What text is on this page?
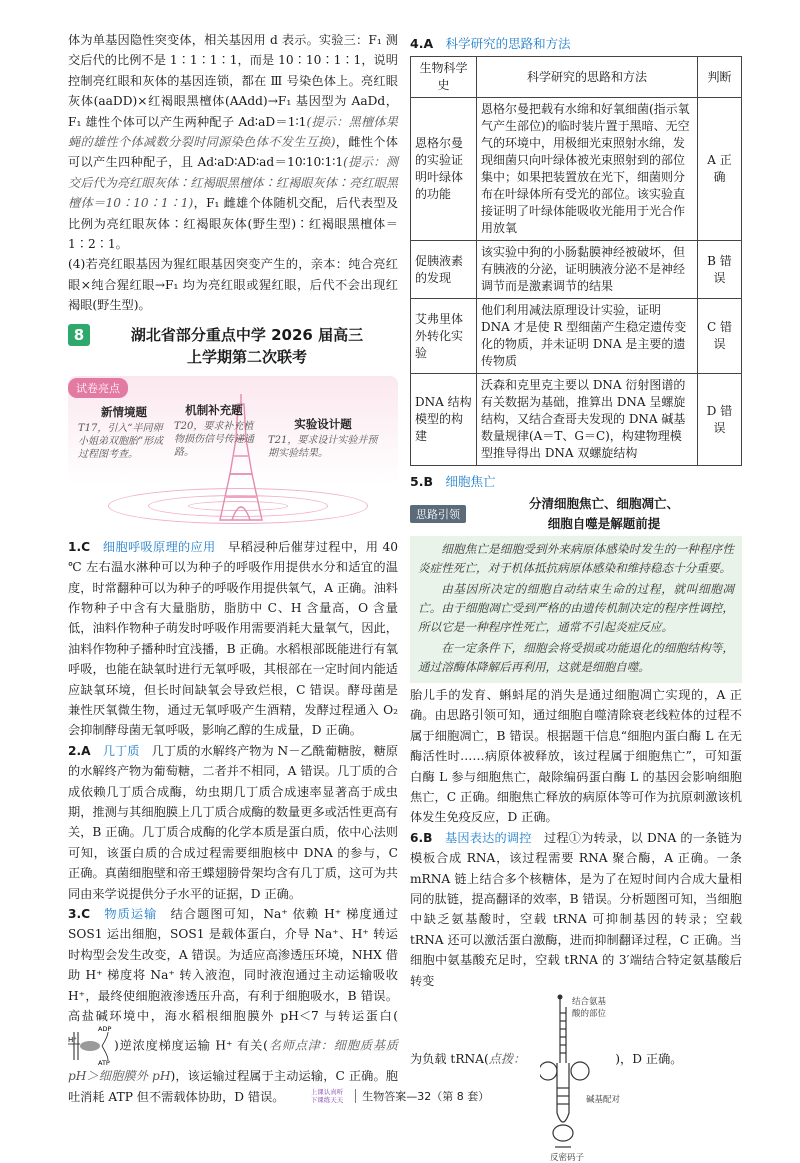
体为单基因隐性突变体，相关基因用 d 表示。实验三：F₁ 测交后代的比例不是 1∶1∶1∶1，而是 10∶10∶1∶1，说明控制亮红眼和灰体的基因连锁，都在 Ⅲ 号染色体上。亮红眼灰体(aaDD)×红褐眼黑檀体(AAdd)→F₁ 基因型为 AaDd，F₁ 雄性个体可以产生两种配子 Ad∶aD＝1∶1(提示：黑檀体果蝇的雄性个体减数分裂时同源染色体不发生互换)，雌性个体可以产生四种配子，且 Ad∶aD∶AD∶ad＝10∶10∶1∶1(提示：测交后代为亮红眼灰体∶红褐眼黑檀体∶红褐眼灰体∶亮红眼黑檀体＝10∶10∶1∶1)，F₁ 雌雄个体随机交配，后代表型及比例为亮红眼灰体∶红褐眼灰体(野生型)∶红褐眼黑檀体＝1∶2∶1。

(4)若亮红眼基因为猩红眼基因突变产生的，亲本：纯合亮红眼×纯合猩红眼→F₁ 均为亮红眼或猩红眼，后代不会出现红褐眼(野生型)。

8	湖北省部分重点中学 2026 届高三
上学期第二次联考
试卷亮点
新情境题
T17，引入“半同卵小姐弟双胞胎”形成过程图考查。
机制补充题
T20，要求补充植物损伤信号传递通路。
实验设计题
T21，要求设计实验并预期实验结果。

1.C　 细胞呼吸原理的应用　 早稻浸种后催芽过程中，用 40 ℃ 左右温水淋种可以为种子的呼吸作用提供水分和适宜的温度，时常翻种可以为种子的呼吸作用提供氧气，A 正确。油料作物种子中含有大量脂肪，脂肪中 C、H 含量高，O 含量低，油料作物种子萌发时呼吸作用需要消耗大量氧气，因此，油料作物种子播种时宜浅播，B 正确。水稻根部既能进行有氧呼吸，也能在缺氧时进行无氧呼吸，其根部在一定时间内能适应缺氧环境，但长时间缺氧会导致烂根，C 错误。酵母菌是兼性厌氧微生物，通过无氧呼吸产生酒精，发酵过程通入 O₂ 会抑制酵母菌无氧呼吸，影响乙醇的生成量，D 正确。

2.A　 几丁质　 几丁质的水解终产物为 N－乙酰葡糖胺，糖原的水解终产物为葡萄糖，二者并不相同，A 错误。几丁质的合成依赖几丁质合成酶，幼虫期几丁质合成速率显著高于成虫期，推测与其细胞膜上几丁质合成酶的数量更多或活性更高有关，B 正确。几丁质合成酶的化学本质是蛋白质，依中心法则可知，该蛋白质的合成过程需要细胞核中 DNA 的参与，C 正确。真菌细胞壁和帝王蝶翅膀骨架均含有几丁质，这可为共同由来学说提供分子水平的证据，D 正确。

3.C　 物质运输　 结合题图可知，Na⁺ 依赖 H⁺ 梯度通过 SOS1 运出细胞，SOS1 是载体蛋白，介导 Na⁺、H⁺ 转运时构型会发生改变，A 错误。为适应高渗透压环境，NHX 借助 H⁺ 梯度将 Na⁺ 转入液泡，同时液泡通过主动运输吸收 H⁺，最终使细胞液渗透压升高，有利于细胞吸水，B 错误。高盐碱环境中，海水稻根细胞膜外 pH＜7 与转运蛋白(
H⁺
ADP
ATP
)逆浓度梯度运输 H⁺ 有关(名师点津：细胞质基质 pH＞细胞膜外 pH)，该运输过程属于主动运输，C 正确。胞吐消耗 ATP 但不需载体协助，D 错误。

4.A　 科学研究的思路和方法
生物科学史	科学研究的思路和方法	判断
恩格尔曼的实验证明叶绿体的功能	恩格尔曼把载有水绵和好氧细菌(指示氧气产生部位)的临时装片置于黑暗、无空气的环境中，用极细光束照射水绵，发现细菌只向叶绿体被光束照射到的部位集中；如果把装置放在光下，细菌则分布在叶绿体所有受光的部位。该实验直接证明了叶绿体能吸收光能用于光合作用放氧	A 正确
促胰液素的发现	该实验中狗的小肠黏膜神经被破坏，但有胰液的分泌，证明胰液分泌不是神经调节而是激素调节的结果	B 错误
艾弗里体外转化实验	他们利用减法原理设计实验，证明 DNA 才是使 R 型细菌产生稳定遗传变化的物质，并未证明 DNA 是主要的遗传物质	C 错误
DNA 结构模型的构建	沃森和克里克主要以 DNA 衍射图谱的有关数据为基础，推算出 DNA 呈螺旋结构，又结合查哥夫发现的 DNA 碱基数量规律(A＝T、G＝C)，构建物理模型推导得出 DNA 双螺旋结构	D 错误
5.B　 细胞焦亡
思路引领
分清细胞焦亡、细胞凋亡、
细胞自噬是解题前提

细胞焦亡是细胞受到外来病原体感染时发生的一种程序性炎症性死亡，对于机体抵抗病原体感染和维持稳态十分重要。

由基因所决定的细胞自动结束生命的过程，就叫细胞凋亡。由于细胞凋亡受到严格的由遗传机制决定的程序性调控，所以它是一种程序性死亡，通常不引起炎症反应。

在一定条件下，细胞会将受损或功能退化的细胞结构等，通过溶酶体降解后再利用，这就是细胞自噬。

胎儿手的发育、蝌蚪尾的消失是通过细胞凋亡实现的，A 正确。由思路引领可知，通过细胞自噬清除衰老线粒体的过程不属于细胞凋亡，B 错误。根据题干信息“细胞内蛋白酶 L 在无酶活性时……病原体被释放，该过程属于细胞焦亡”，可知蛋白酶 L 参与细胞焦亡，敲除编码蛋白酶 L 的基因会影响细胞焦亡，C 正确。细胞焦亡释放的病原体等可作为抗原刺激该机体发生免疫反应，D 正确。

6.B　 基因表达的调控　 过程①为转录，以 DNA 的一条链为模板合成 RNA，该过程需要 RNA 聚合酶，A 正确。一条 mRNA 链上结合多个核糖体，是为了在短时间内合成大量相同的肽链，提高翻译的效率，B 错误。分析题图可知，当细胞中缺乏氨基酸时，空载 tRNA 可抑制基因的转录；空载 tRNA 还可以激活蛋白激酶，进而抑制翻译过程，C 正确。当细胞中氨基酸充足时，空载 tRNA 的 3′端结合特定氨基酸后转变

为负载 tRNA(点拨：	)，D 正确。
结合氨基
酸的部位
碱基配对
反密码子
上课认真听
下课练天天 生物答案—32（第 8 套）
